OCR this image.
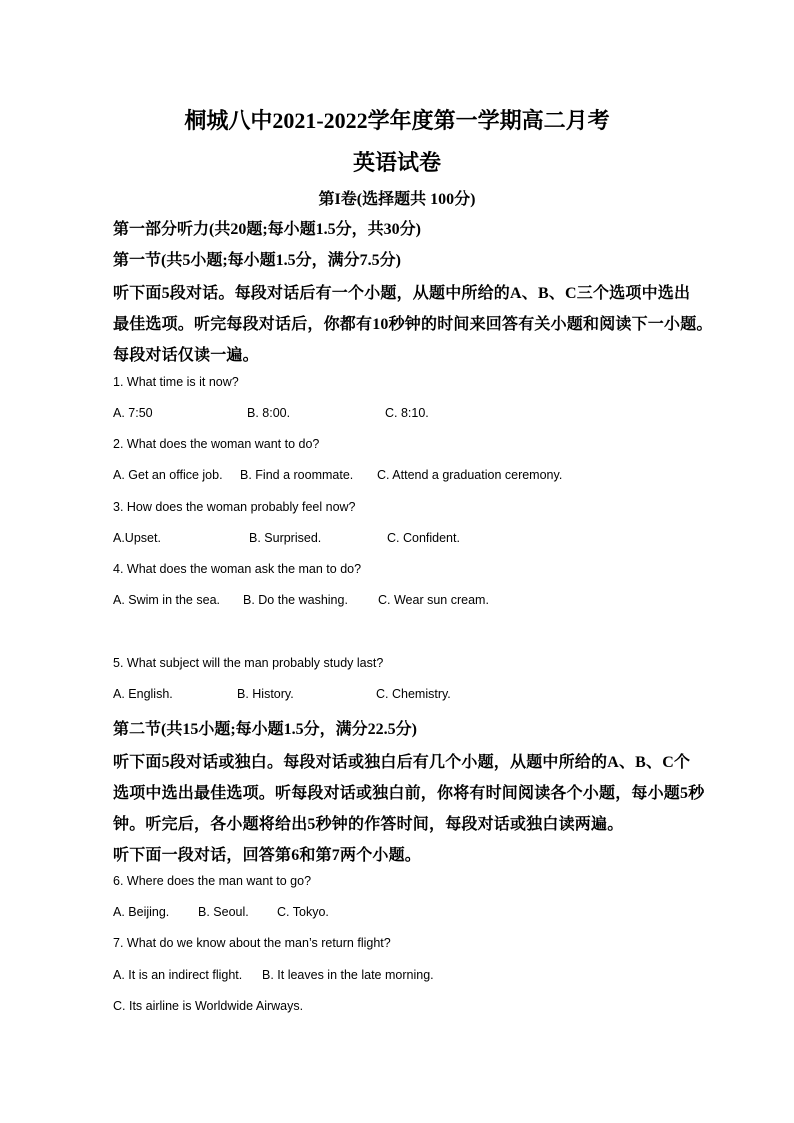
桐城八中2021-2022学年度第一学期高二月考
英语试卷
第I卷(选择题共 100分)
第一部分听力(共20题;每小题1.5分，共30分)
第一节(共5小题;每小题1.5分，满分7.5分)
听下面5段对话。每段对话后有一个小题，从题中所给的A、B、C三个选项中选出
最佳选项。听完每段对话后，你都有10秒钟的时间来回答有关小题和阅读下一小题。
每段对话仅读一遍。
1. What time is it now?
A. 7:50	B. 8:00.	C. 8:10.
2. What does the woman want to do?
A. Get an office job. B. Find a roommate. C. Attend a graduation ceremony.
3. How does the woman probably feel now?
A.Upset.	B. Surprised.	C. Confident.
4. What does the woman ask the man to do?
A. Swim in the sea. B. Do the washing. C. Wear sun cream.
5. What subject will the man probably study last?
A. English.	B. History.	C. Chemistry.
第二节(共15小题;每小题1.5分，满分22.5分)
听下面5段对话或独白。每段对话或独白后有几个小题，从题中所给的A、B、C个
选项中选出最佳选项。听每段对话或独白前，你将有时间阅读各个小题，每小题5秒
钟。听完后，各小题将给出5秒钟的作答时间，每段对话或独白读两遍。
听下面一段对话，回答第6和第7两个小题。
6. Where does the man want to go?
A. Beijing. B. Seoul. C. Tokyo.
7. What do we know about the man’s return flight?
A. It is an indirect flight. B. It leaves in the late morning.
C. Its airline is Worldwide Airways.
